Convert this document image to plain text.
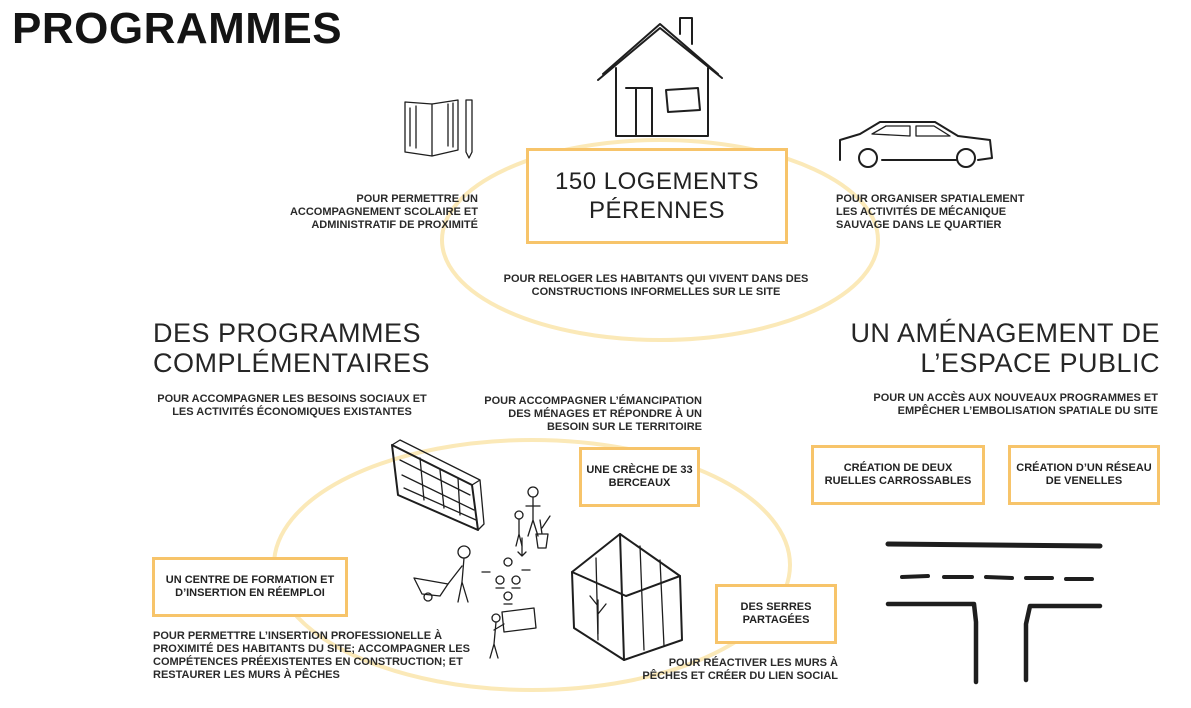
PROGRAMMES
150 LOGEMENTS PÉRENNES
POUR PERMETTRE UN ACCOMPAGNEMENT SCOLAIRE ET ADMINISTRATIF DE PROXIMITÉ
POUR ORGANISER SPATIALEMENT LES ACTIVITÉS DE MÉCANIQUE SAUVAGE DANS LE QUARTIER
POUR RELOGER LES HABITANTS QUI VIVENT DANS DES CONSTRUCTIONS INFORMELLES SUR LE SITE
DES PROGRAMMES COMPLÉMENTAIRES
POUR ACCOMPAGNER LES BESOINS SOCIAUX ET LES ACTIVITÉS ÉCONOMIQUES EXISTANTES
POUR ACCOMPAGNER L’ÉMANCIPATION DES MÉNAGES ET RÉPONDRE À UN BESOIN SUR LE TERRITOIRE
UNE CRÈCHE DE 33 BERCEAUX
UN CENTRE DE FORMATION ET D’INSERTION EN RÉEMPLOI
POUR PERMETTRE L’INSERTION PROFESSIONELLE À PROXIMITÉ DES HABITANTS DU SITE; ACCOMPAGNER LES COMPÉTENCES PRÉEXISTENTES EN CONSTRUCTION; ET RESTAURER LES MURS À PÊCHES
DES SERRES PARTAGÉES
POUR RÉACTIVER LES MURS À PÊCHES ET CRÉER DU LIEN SOCIAL
UN AMÉNAGEMENT DE L’ESPACE PUBLIC
POUR UN ACCÈS AUX NOUVEAUX PROGRAMMES ET EMPÊCHER L’EMBOLISATION SPATIALE DU SITE
CRÉATION DE DEUX RUELLES CARROSSABLES
CRÉATION D’UN RÉSEAU DE VENELLES
